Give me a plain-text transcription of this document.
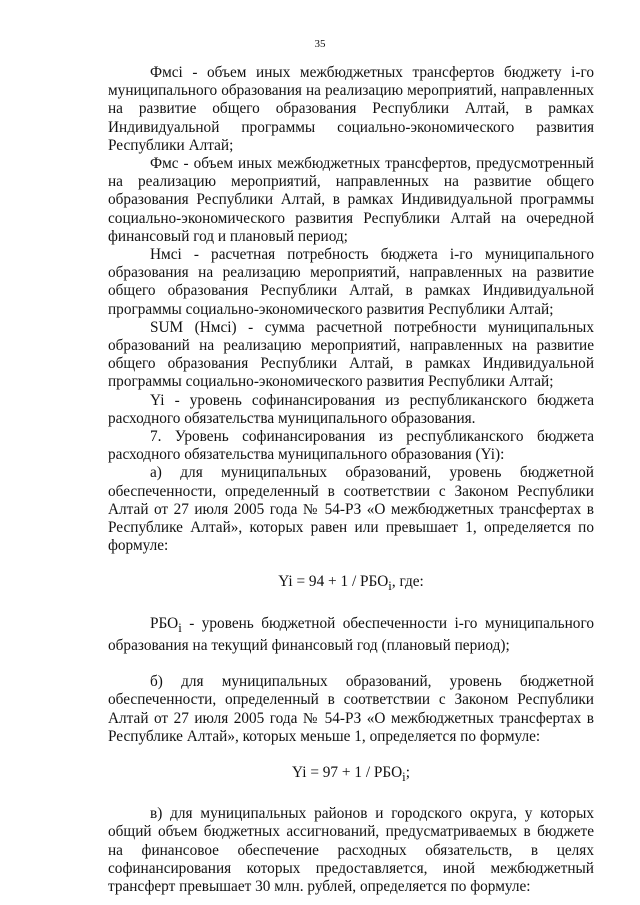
35

Фмсi - объем иных межбюджетных трансфертов бюджету i-го муниципального образования на реализацию мероприятий, направленных на развитие общего образования Республики Алтай, в рамках Индивидуальной программы социально-экономического развития Республики Алтай;

Фмс - объем иных межбюджетных трансфертов, предусмотренный на реализацию мероприятий, направленных на развитие общего образования Республики Алтай, в рамках Индивидуальной программы социально-экономического развития Республики Алтай на очередной финансовый год и плановый период;

Нмсi - расчетная потребность бюджета i-го муниципального образования на реализацию мероприятий, направленных на развитие общего образования Республики Алтай, в рамках Индивидуальной программы социально-экономического развития Республики Алтай;

SUM (Нмсi) - сумма расчетной потребности муниципальных образований на реализацию мероприятий, направленных на развитие общего образования Республики Алтай, в рамках Индивидуальной программы социально-экономического развития Республики Алтай;

Yi - уровень софинансирования из республиканского бюджета расходного обязательства муниципального образования.

7. Уровень софинансирования из республиканского бюджета расходного обязательства муниципального образования (Yi):

а) для муниципальных образований, уровень бюджетной обеспеченности, определенный в соответствии с Законом Республики Алтай от 27 июля 2005 года № 54-РЗ «О межбюджетных трансфертах в Республике Алтай», которых равен или превышает 1, определяется по формуле:

$Yi = 94 + 1 / РБО_i$, где:

$РБО_i$ - уровень бюджетной обеспеченности i-го муниципального образования на текущий финансовый год (плановый период);

б) для муниципальных образований, уровень бюджетной обеспеченности, определенный в соответствии с Законом Республики Алтай от 27 июля 2005 года № 54-РЗ «О межбюджетных трансфертах в Республике Алтай», которых меньше 1, определяется по формуле:

$Yi = 97 + 1 / РБО_i$;

в) для муниципальных районов и городского округа, у которых общий объем бюджетных ассигнований, предусматриваемых в бюджете на финансовое обеспечение расходных обязательств, в целях софинансирования которых предоставляется, иной межбюджетный трансферт превышает 30 млн. рублей, определяется по формуле:
